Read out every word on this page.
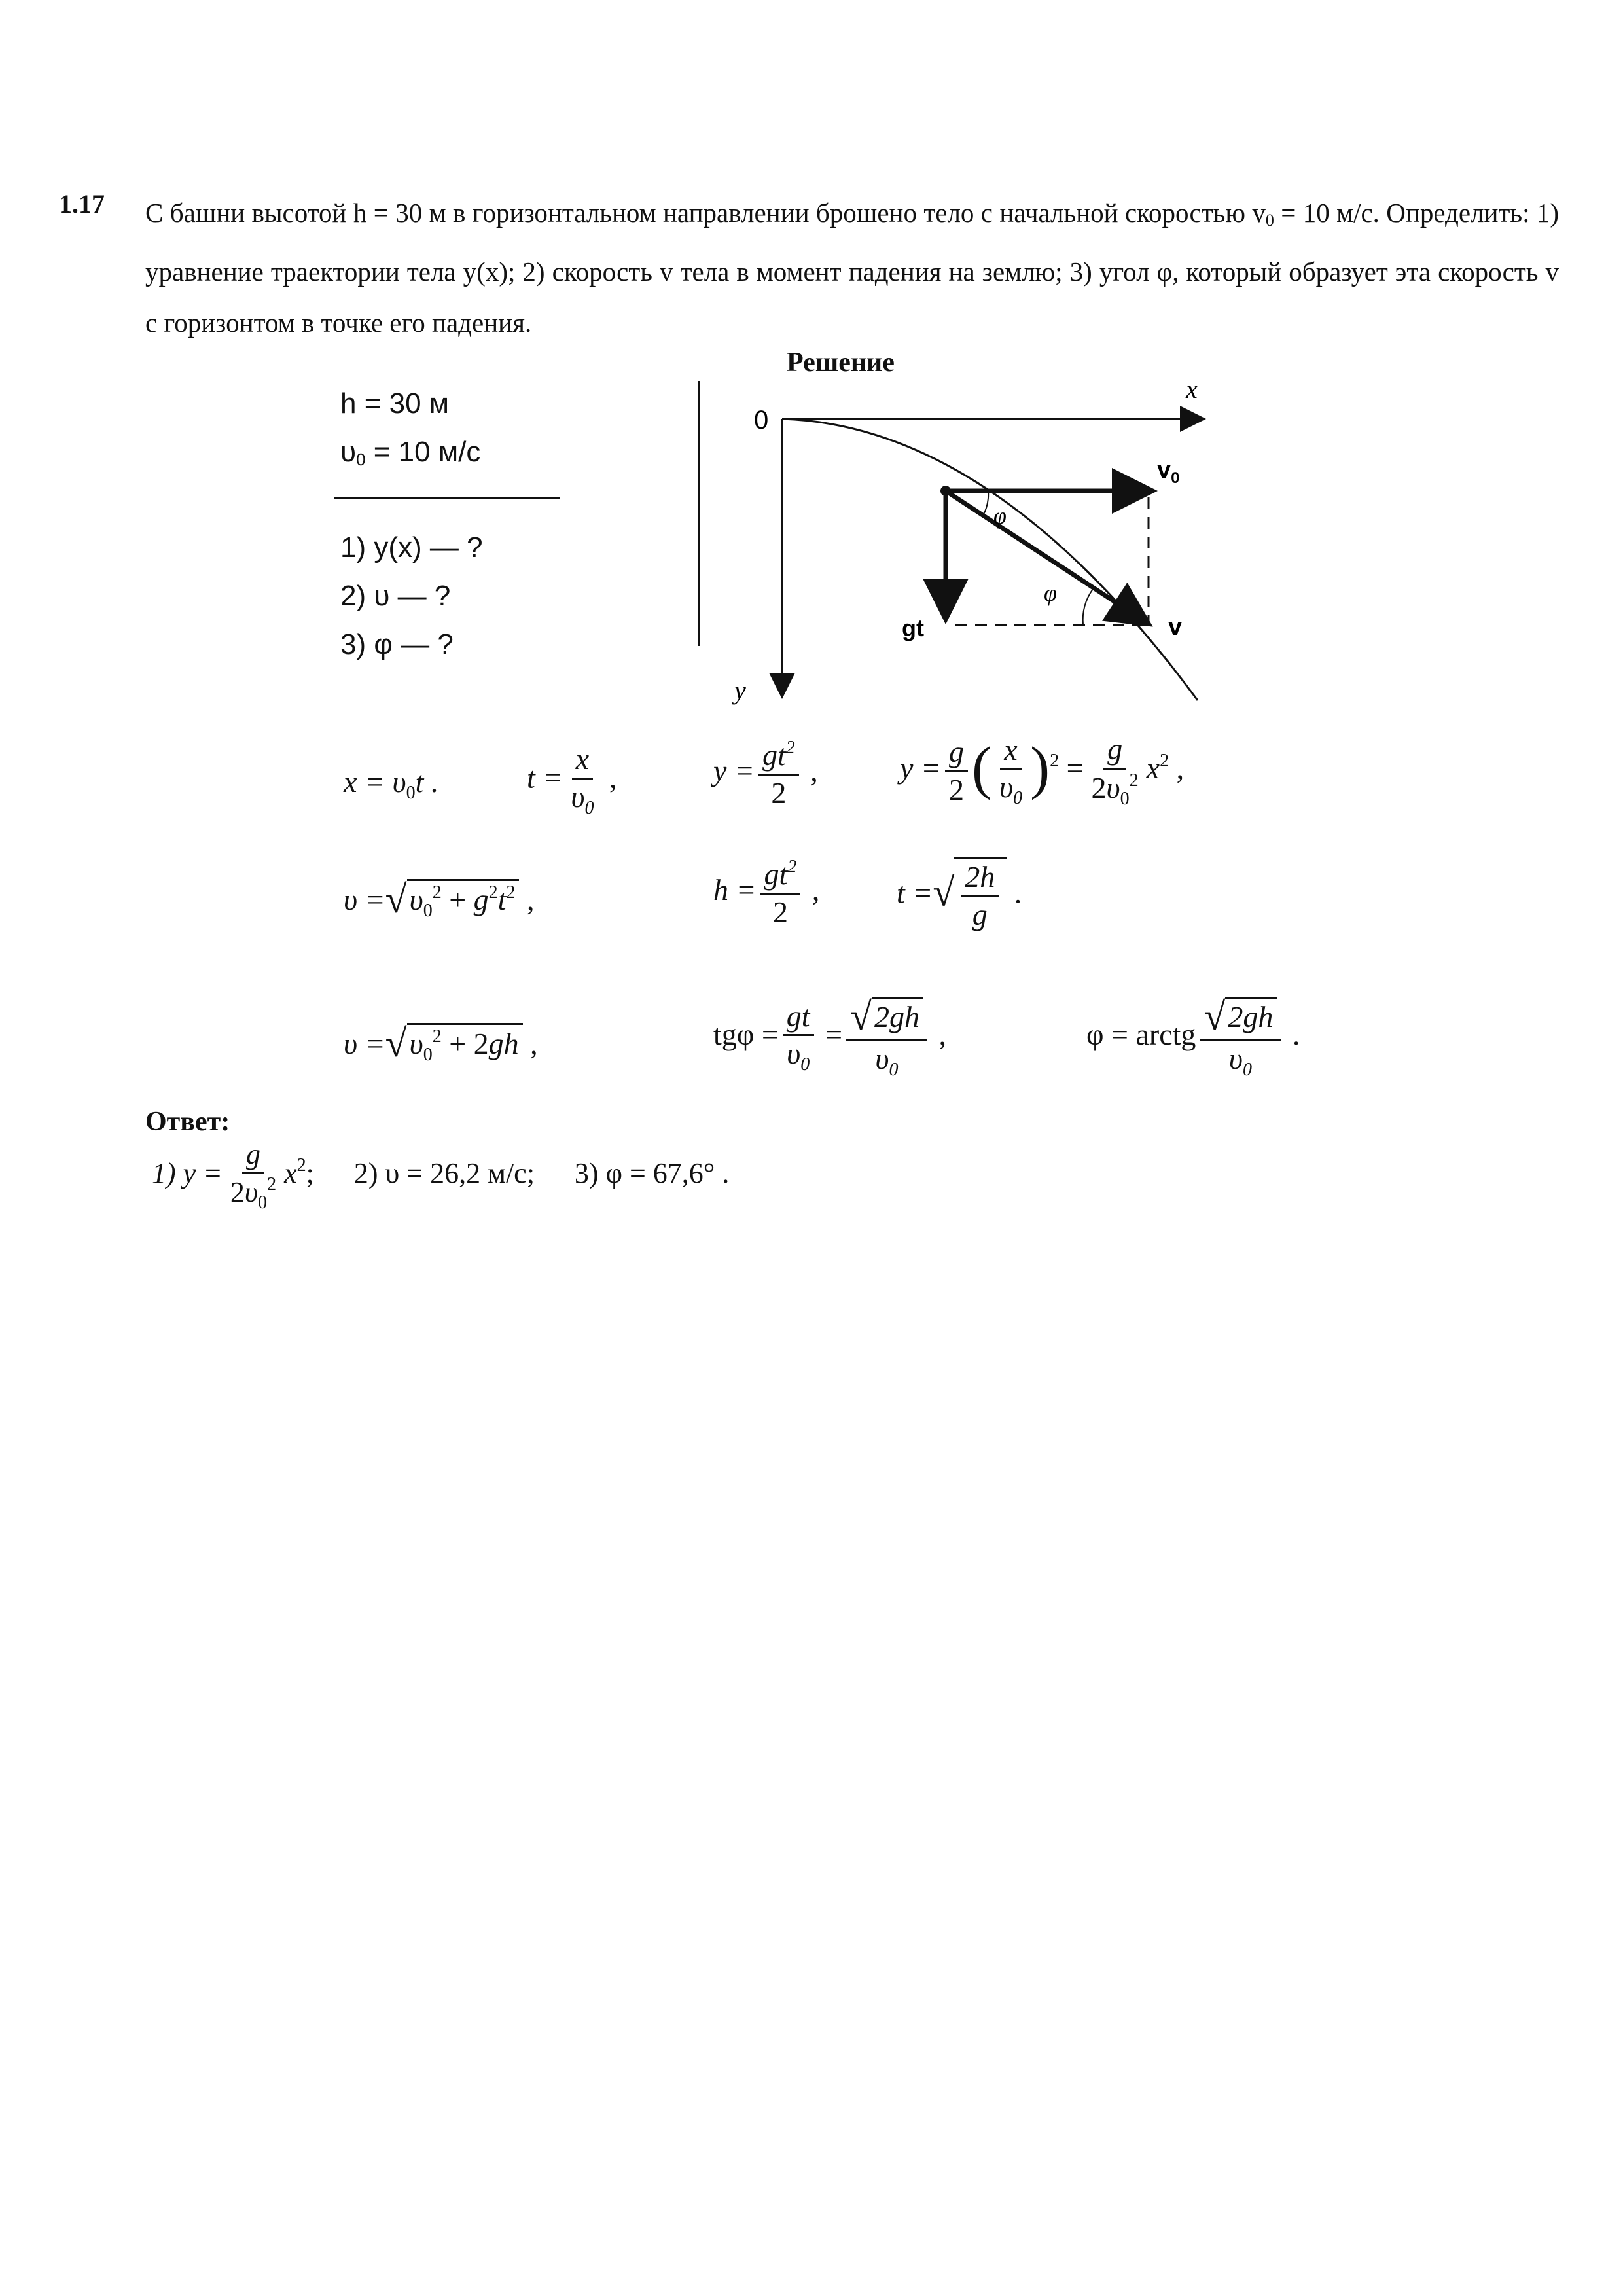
1.17 С башни высотой h = 30 м в горизонтальном направлении брошено тело с начальной скоростью $v_0 = 10$ м/с. Определить: 1) уравнение траектории тела y(x); 2) скорость v тела в момент падения на землю; 3) угол φ, который образует эта скорость v с горизонтом в точке его падения.
Решение
h = 30 м
$\upsilon_0 = 10$ м/с
1) y(x) — ?
2) υ — ?
3) φ — ?
0
x
y
$v_0$
gt	v
φ
φ
$x = \upsilon_0t$ .	$t = \frac{x}{\upsilon_0}$ ,	$y = \frac{gt^2}{2}$ ,	$y = \frac{g}{2}$ ( $\frac{x}{\upsilon_0} )^2 = \frac{g}{2\upsilon_0^2} x^2$ ,
$\upsilon =√\upsilon_0^2 + g^2t^2$ ,	$h = \frac{gt^2}{2}$ ,	t =√ $\frac{2h}{g}$ .
$\upsilon =√\upsilon_0^2 + 2gh$ ,	$tg\varphi = \frac{gt}{\upsilon_0} = \frac{√2gh}{\upsilon_0}$ ,	φ = arctg $\frac{√2gh}{\upsilon_0}$ .
Ответ:
1) $y = \frac{g}{2\upsilon_0^2} x^2$; 2) υ = 26,2 м/с; 3) φ = 67,6° .
